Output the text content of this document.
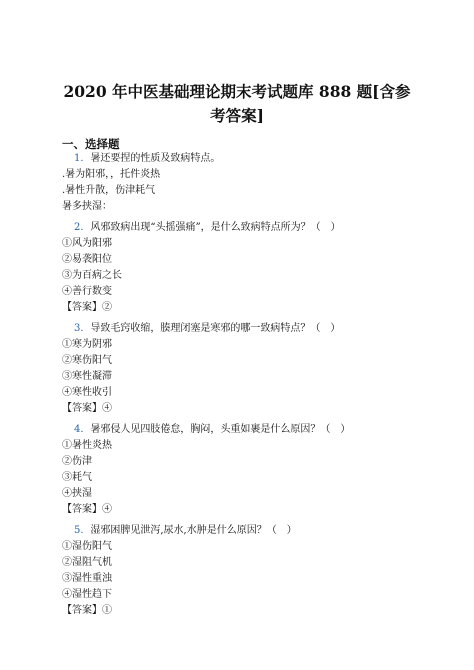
2020 年中医基础理论期末考试题库 888 题[含参考答案]
一、选择题
1．暑还要捏的性质及致病特点。
.暑为阳邪，，托件炎热
.暑性升散，伤津耗气
暑多挟湿：
2．风邪致病出现“头摇强痛”，是什么致病特点所为？（　）
①风为阳邪
②易袭阳位
③为百病之长
④善行数变
【答案】②
3．导致毛窍收缩，腠理闭塞是寒邪的哪一致病特点？（　）
①寒为阴邪
②寒伤阳气
③寒性凝滞
④寒性收引
【答案】④
4．暑邪侵人见四肢倦怠，胸闷，头重如裹是什么原因？（　）
①暑性炎热
②伤津
③耗气
④挟湿
【答案】④
5．湿邪困脾见泄泻,尿水,水肿是什么原因？（　）
①湿伤阳气
②湿阻气机
③湿性重浊
④湿性趋下
【答案】①
